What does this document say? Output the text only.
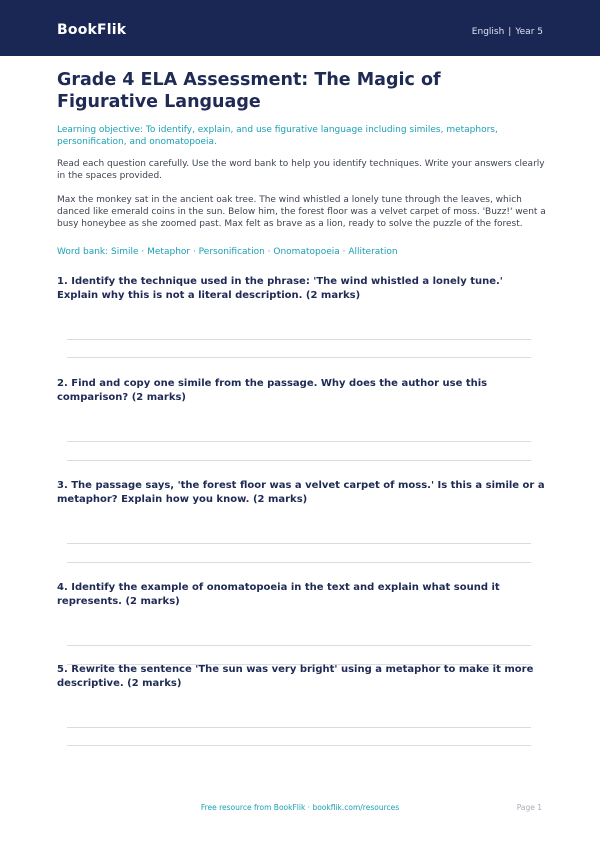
BookFlik	English | Year 5
Grade 4 ELA Assessment: The Magic of Figurative Language

Learning objective: To identify, explain, and use figurative language including similes, metaphors, personification, and onomatopoeia.

Read each question carefully. Use the word bank to help you identify techniques. Write your answers clearly in the spaces provided.

Max the monkey sat in the ancient oak tree. The wind whistled a lonely tune through the leaves, which danced like emerald coins in the sun. Below him, the forest floor was a velvet carpet of moss. 'Buzz!' went a busy honeybee as she zoomed past. Max felt as brave as a lion, ready to solve the puzzle of the forest.

Word bank: Simile · Metaphor · Personification · Onomatopoeia · Alliteration

1. Identify the technique used in the phrase: 'The wind whistled a lonely tune.' Explain why this is not a literal description. (2 marks)

2. Find and copy one simile from the passage. Why does the author use this comparison? (2 marks)

3. The passage says, 'the forest floor was a velvet carpet of moss.' Is this a simile or a metaphor? Explain how you know. (2 marks)

4. Identify the example of onomatopoeia in the text and explain what sound it represents. (2 marks)

5. Rewrite the sentence 'The sun was very bright' using a metaphor to make it more descriptive. (2 marks)

Free resource from BookFlik · bookflik.com/resources	Page 1
